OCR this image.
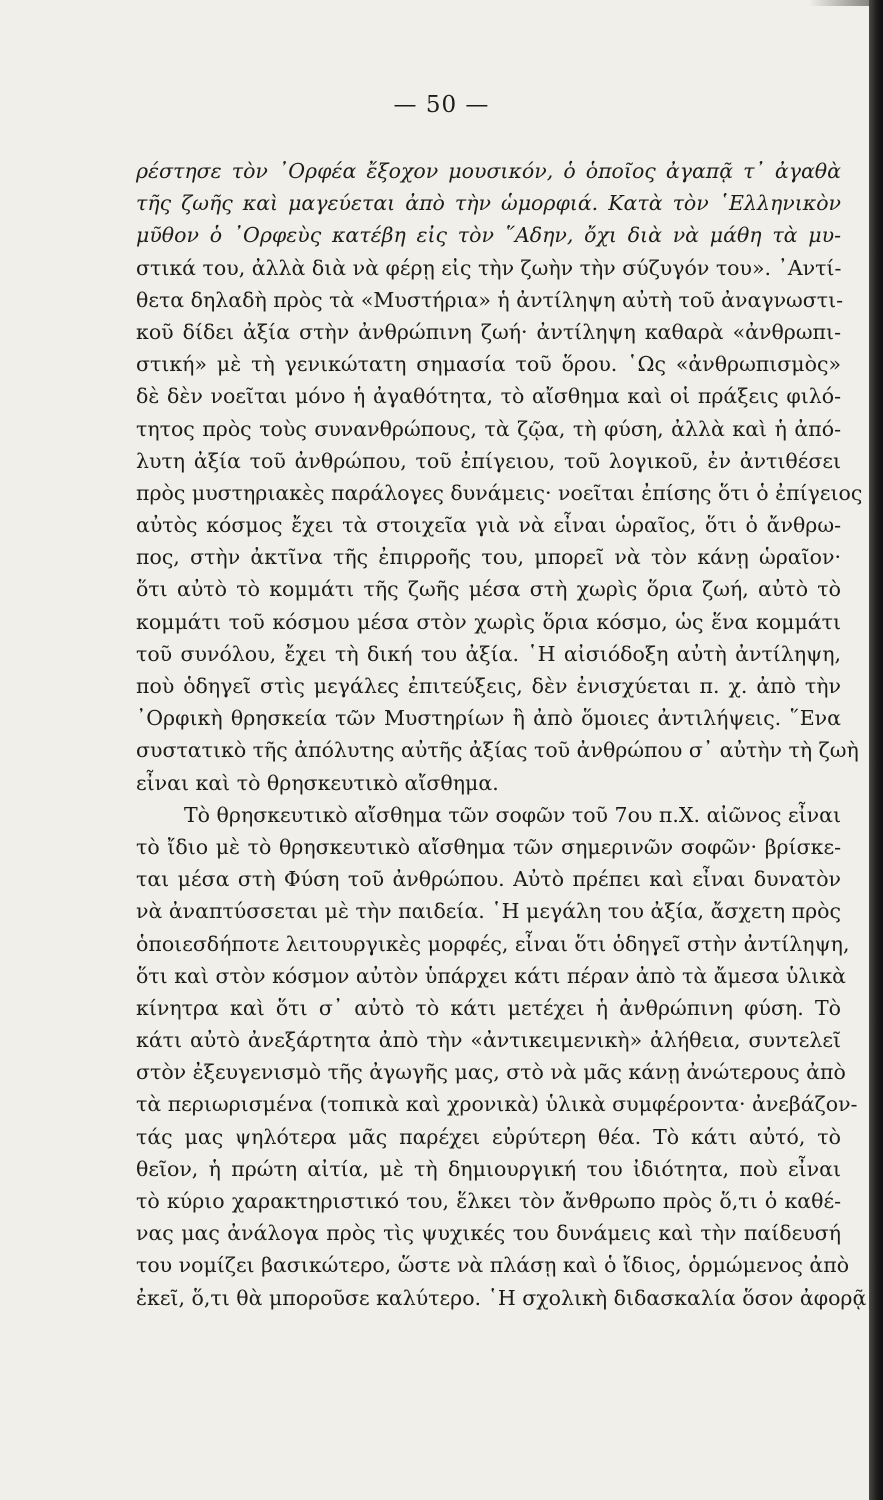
— 50 —
ρέστησε τὸν ᾽Ορφέα ἔξοχον μουσικόν, ὁ ὁποῖος ἀγαπᾷ τ᾽ ἀγαθὰ
τῆς ζωῆς καὶ μαγεύεται ἀπὸ τὴν ὡμορφιά. Κατὰ τὸν ῾Ελληνικὸν
μῦθον ὁ ᾽Ορφεὺς κατέβη εἰς τὸν ῞Αδην, ὄχι διὰ νὰ μάθη τὰ μυ-
στικά του, ἀλλὰ διὰ νὰ φέρῃ εἰς τὴν ζωὴν τὴν σύζυγόν του». ᾽Αντί-
θετα δηλαδὴ πρὸς τὰ «Μυστήρια» ἡ ἀντίληψη αὐτὴ τοῦ ἀναγνωστι-
κοῦ δίδει ἀξία στὴν ἀνθρώπινη ζωή· ἀντίληψη καθαρὰ «ἀνθρωπι-
στική» μὲ τὴ γενικώτατη σημασία τοῦ ὅρου. ῾Ως «ἀνθρωπισμὸς»
δὲ δὲν νοεῖται μόνο ἡ ἀγαθότητα, τὸ αἴσθημα καὶ οἱ πράξεις φιλό-
τητος πρὸς τοὺς συνανθρώπους, τὰ ζῷα, τὴ φύση, ἀλλὰ καὶ ἡ ἀπό-
λυτη ἀξία τοῦ ἀνθρώπου, τοῦ ἐπίγειου, τοῦ λογικοῦ, ἐν ἀντιθέσει
πρὸς μυστηριακὲς παράλογες δυνάμεις· νοεῖται ἐπίσης ὅτι ὁ ἐπίγειος
αὐτὸς κόσμος ἔχει τὰ στοιχεῖα γιὰ νὰ εἶναι ὡραῖος, ὅτι ὁ ἄνθρω-
πος, στὴν ἀκτῖνα τῆς ἐπιρροῆς του, μπορεῖ νὰ τὸν κάνῃ ὡραῖον·
ὅτι αὐτὸ τὸ κομμάτι τῆς ζωῆς μέσα στὴ χωρὶς ὅρια ζωή, αὐτὸ τὸ
κομμάτι τοῦ κόσμου μέσα στὸν χωρὶς ὅρια κόσμο, ὡς ἕνα κομμάτι
τοῦ συνόλου, ἔχει τὴ δική του ἀξία. ῾Η αἰσιόδοξη αὐτὴ ἀντίληψη,
ποὺ ὁδηγεῖ στὶς μεγάλες ἐπιτεύξεις, δὲν ἐνισχύεται π. χ. ἀπὸ τὴν
᾽Ορφικὴ θρησκεία τῶν Μυστηρίων ἢ ἀπὸ ὅμοιες ἀντιλήψεις. ῞Ενα
συστατικὸ τῆς ἀπόλυτης αὐτῆς ἀξίας τοῦ ἀνθρώπου σ᾽ αὐτὴν τὴ ζωὴ
εἶναι καὶ τὸ θρησκευτικὸ αἴσθημα.
Τὸ θρησκευτικὸ αἴσθημα τῶν σοφῶν τοῦ 7ου π.Χ. αἰῶνος εἶναι
τὸ ἴδιο μὲ τὸ θρησκευτικὸ αἴσθημα τῶν σημερινῶν σοφῶν· βρίσκε-
ται μέσα στὴ Φύση τοῦ ἀνθρώπου. Αὐτὸ πρέπει καὶ εἶναι δυνατὸν
νὰ ἀναπτύσσεται μὲ τὴν παιδεία. ῾Η μεγάλη του ἀξία, ἄσχετη πρὸς
ὁποιεσδήποτε λειτουργικὲς μορφές, εἶναι ὅτι ὁδηγεῖ στὴν ἀντίληψη,
ὅτι καὶ στὸν κόσμον αὐτὸν ὑπάρχει κάτι πέραν ἀπὸ τὰ ἄμεσα ὑλικὰ
κίνητρα καὶ ὅτι σ᾽ αὐτὸ τὸ κάτι μετέχει ἡ ἀνθρώπινη φύση. Τὸ
κάτι αὐτὸ ἀνεξάρτητα ἀπὸ τὴν «ἀντικειμενικὴ» ἀλήθεια, συντελεῖ
στὸν ἐξευγενισμὸ τῆς ἀγωγῆς μας, στὸ νὰ μᾶς κάνῃ ἀνώτερους ἀπὸ
τὰ περιωρισμένα (τοπικὰ καὶ χρονικὰ) ὑλικὰ συμφέροντα· ἀνεβάζον-
τάς μας ψηλότερα μᾶς παρέχει εὐρύτερη θέα. Τὸ κάτι αὐτό, τὸ
θεῖον, ἡ πρώτη αἰτία, μὲ τὴ δημιουργική του ἰδιότητα, ποὺ εἶναι
τὸ κύριο χαρακτηριστικό του, ἕλκει τὸν ἄνθρωπο πρὸς ὅ,τι ὁ καθέ-
νας μας ἀνάλογα πρὸς τὶς ψυχικές του δυνάμεις καὶ τὴν παίδευσή
του νομίζει βασικώτερο, ὥστε νὰ πλάσῃ καὶ ὁ ἴδιος, ὁρμώμενος ἀπὸ
ἐκεῖ, ὅ,τι θὰ μποροῦσε καλύτερο. ῾Η σχολικὴ διδασκαλία ὅσον ἀφορᾷ
